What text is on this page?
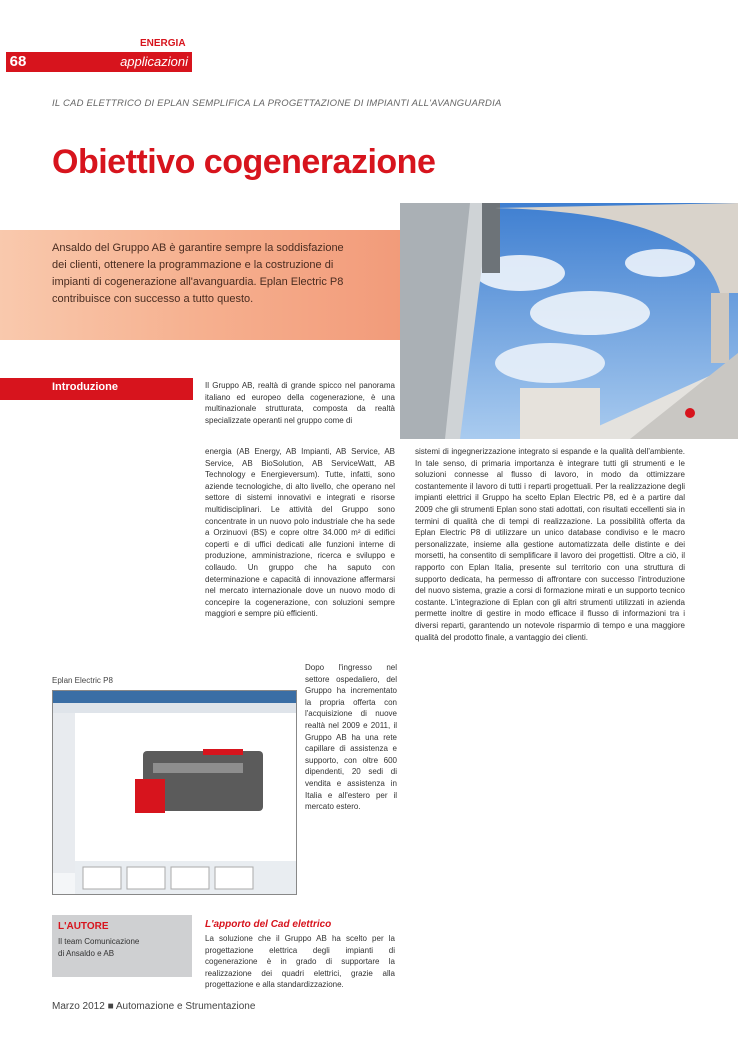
ENERGIA
68	applicazioni
IL CAD ELETTRICO DI EPLAN SEMPLIFICA LA PROGETTAZIONE DI IMPIANTI ALL'AVANGUARDIA
Obiettivo cogenerazione
Ansaldo del Gruppo AB è garantire sempre la soddisfazione dei clienti, ottenere la programmazione e la costruzione di impianti di cogenerazione all'avanguardia. Eplan Electric P8 contribuisce con successo a tutto questo.
Introduzione	Il Gruppo AB, realtà di grande spicco nel panorama italiano ed europeo della cogenerazione, è una multinazionale strutturata, composta da realtà specializzate operanti nel gruppo come di
energia (AB Energy, AB Impianti, AB Service, AB Service, AB BioSolution, AB ServiceWatt, AB Technology e Energieversum). Tutte, infatti, sono aziende tecnologiche, di alto livello, che operano nel settore di sistemi innovativi e integrati e risorse multidisciplinari. Le attività del Gruppo sono concentrate in un nuovo polo industriale che ha sede a Orzinuovi (BS) e copre oltre 34.000 m² di edifici coperti e di uffici dedicati alle funzioni interne di produzione, amministrazione, ricerca e sviluppo e collaudo. Un gruppo che ha saputo con determinazione e capacità di innovazione affermarsi nel mercato internazionale dove un nuovo modo di concepire la cogenerazione, con soluzioni sempre maggiori e sempre più efficienti.
sistemi di ingegnerizzazione integrato si espande e la qualità dell'ambiente. In tale senso, di primaria importanza è integrare tutti gli strumenti e le soluzioni connesse al flusso di lavoro, in modo da ottimizzare costantemente il lavoro di tutti i reparti progettuali. Per la realizzazione degli impianti elettrici il Gruppo ha scelto Eplan Electric P8, ed è a partire dal 2009 che gli strumenti Eplan sono stati adottati, con risultati eccellenti sia in termini di qualità che di tempi di realizzazione. La possibilità offerta da Eplan Electric P8 di utilizzare un unico database condiviso e le macro personalizzate, insieme alla gestione automatizzata delle distinte e dei morsetti, ha consentito di semplificare il lavoro dei progettisti. Oltre a ciò, il rapporto con Eplan Italia, presente sul territorio con una struttura di supporto dedicata, ha permesso di affrontare con successo l'introduzione del nuovo sistema, grazie a corsi di formazione mirati e un supporto tecnico costante. L'integrazione di Eplan con gli altri strumenti utilizzati in azienda permette inoltre di gestire in modo efficace il flusso di informazioni tra i diversi reparti, garantendo un notevole risparmio di tempo e una maggiore qualità del prodotto finale, a vantaggio dei clienti.
Eplan Electric P8
Dopo l'ingresso nel settore ospedaliero, del Gruppo ha incrementato la propria offerta con l'acquisizione di nuove realtà nel 2009 e 2011, il Gruppo AB ha una rete capillare di assistenza e supporto, con oltre 600 dipendenti, 20 sedi di vendita e assistenza in Italia e all'estero per il mercato estero.
L'AUTORE
Il team Comunicazione
di Ansaldo e AB
L'apporto del Cad elettrico
La soluzione che il Gruppo AB ha scelto per la progettazione elettrica degli impianti di cogenerazione è in grado di supportare la realizzazione dei quadri elettrici, grazie alla progettazione e alla standardizzazione.
Marzo 2012 ■ Automazione e Strumentazione
